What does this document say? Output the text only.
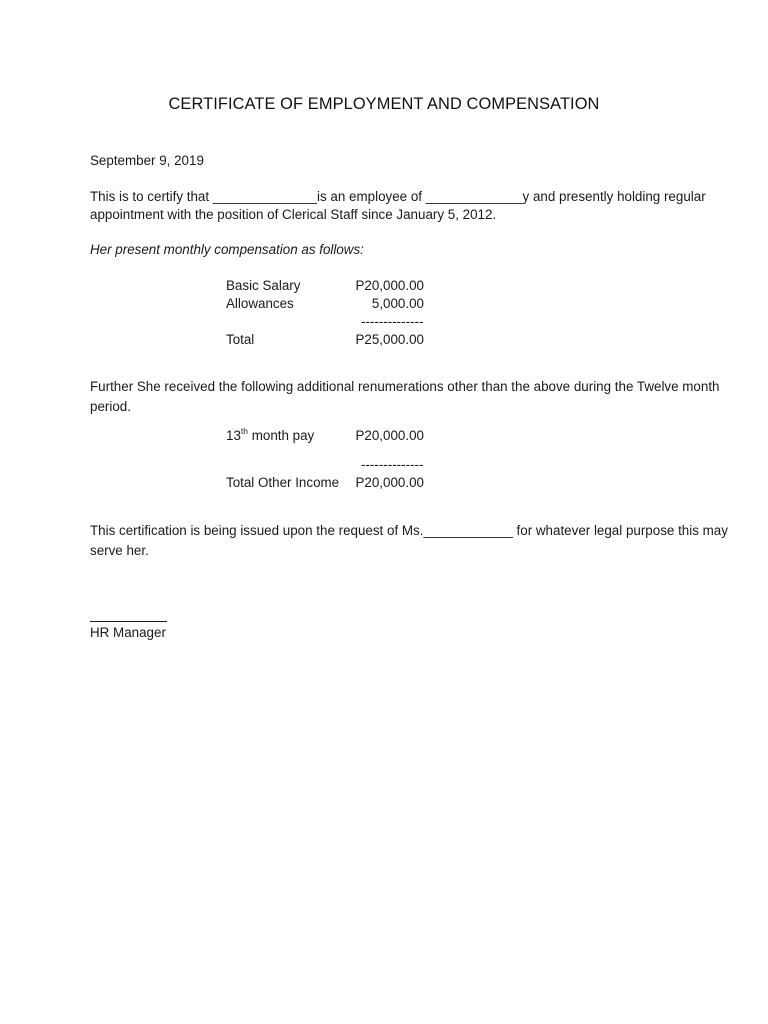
CERTIFICATE OF EMPLOYMENT AND COMPENSATION
September 9, 2019
This is to certify that ______________is an employee of _____________y and presently holding regular
appointment with the position of Clerical Staff since January 5, 2012.
Her present monthly compensation as follows:
Basic Salary	P20,000.00
Allowances	5,000.00
--------------
Total	P25,000.00
Further She received the following additional renumerations other than the above during the Twelve month
period.
13th month pay	P20,000.00
--------------
Total Other Income	P20,000.00
This certification is being issued upon the request of Ms.____________ for whatever legal purpose this may
serve her.
HR Manager
